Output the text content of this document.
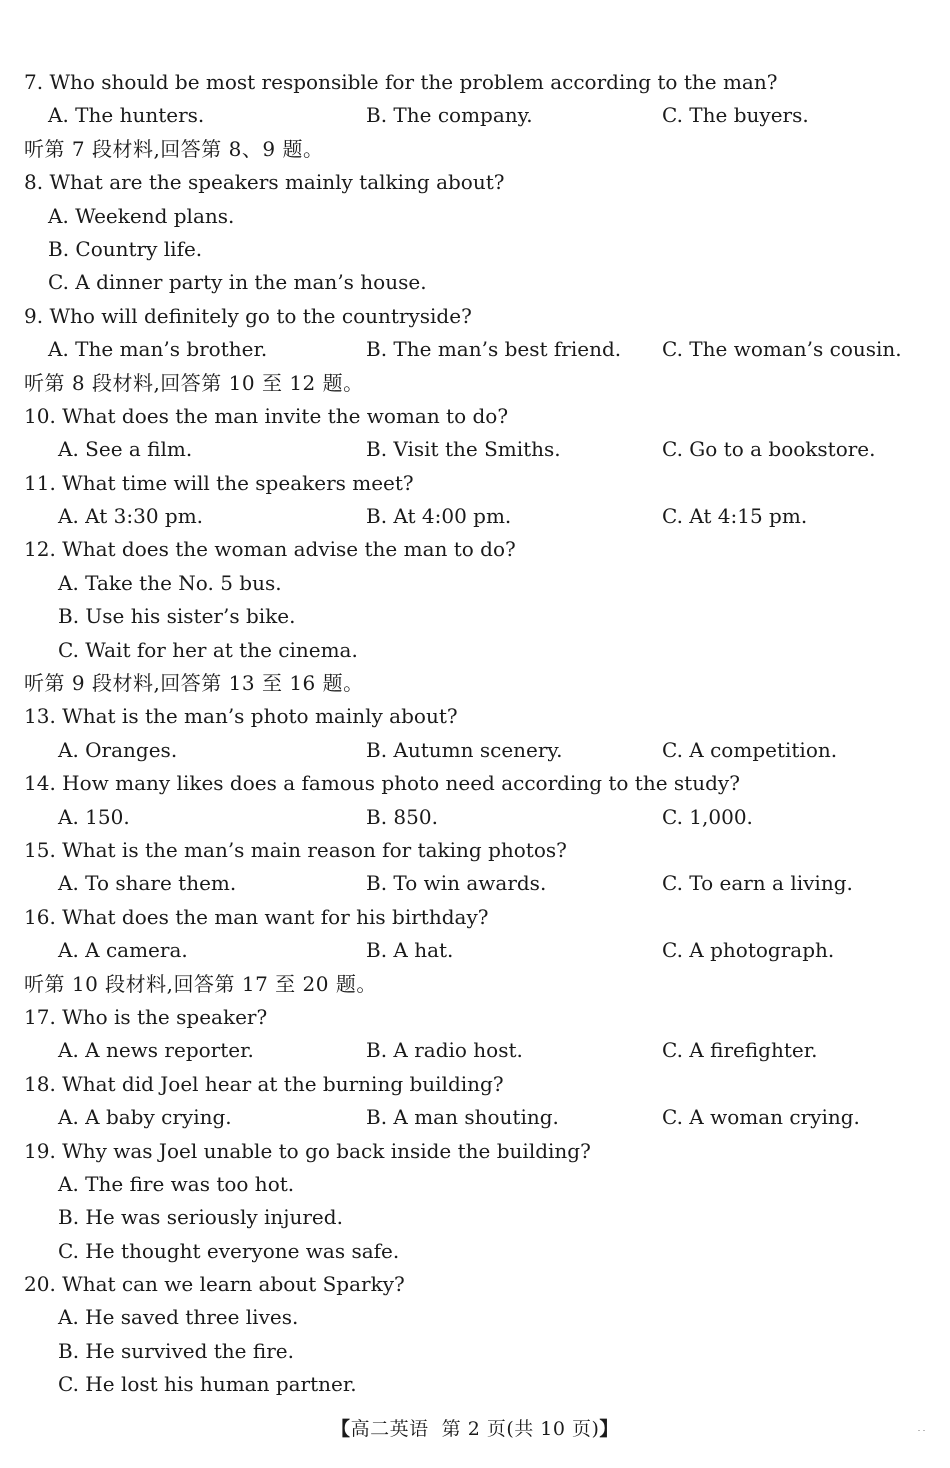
7. Who should be most responsible for the problem according to the man?
A. The hunters.	B. The company.	C. The buyers.
听第 7 段材料,回答第 8、9 题。
8. What are the speakers mainly talking about?
A. Weekend plans.
B. Country life.
C. A dinner party in the man’s house.
9. Who will definitely go to the countryside?
A. The man’s brother.	B. The man’s best friend. C. The woman’s cousin.
听第 8 段材料,回答第 10 至 12 题。
10. What does the man invite the woman to do?
A. See a film.	B. Visit the Smiths.	C. Go to a bookstore.
11. What time will the speakers meet?
A. At 3:30 pm.	B. At 4:00 pm.	C. At 4:15 pm.
12. What does the woman advise the man to do?
A. Take the No. 5 bus.
B. Use his sister’s bike.
C. Wait for her at the cinema.
听第 9 段材料,回答第 13 至 16 题。
13. What is the man’s photo mainly about?
A. Oranges.	B. Autumn scenery.	C. A competition.
14. How many likes does a famous photo need according to the study?
A. 150.	B. 850.	C. 1,000.
15. What is the man’s main reason for taking photos?
A. To share them.	B. To win awards.	C. To earn a living.
16. What does the man want for his birthday?
A. A camera.	B. A hat.	C. A photograph.
听第 10 段材料,回答第 17 至 20 题。
17. Who is the speaker?
A. A news reporter.	B. A radio host.	C. A firefighter.
18. What did Joel hear at the burning building?
A. A baby crying.	B. A man shouting.	C. A woman crying.
19. Why was Joel unable to go back inside the building?
A. The fire was too hot.
B. He was seriously injured.
C. He thought everyone was safe.
20. What can we learn about Sparky?
A. He saved three lives.
B. He survived the fire.
C. He lost his human partner.
【高二英语 第 2 页(共 10 页)】
